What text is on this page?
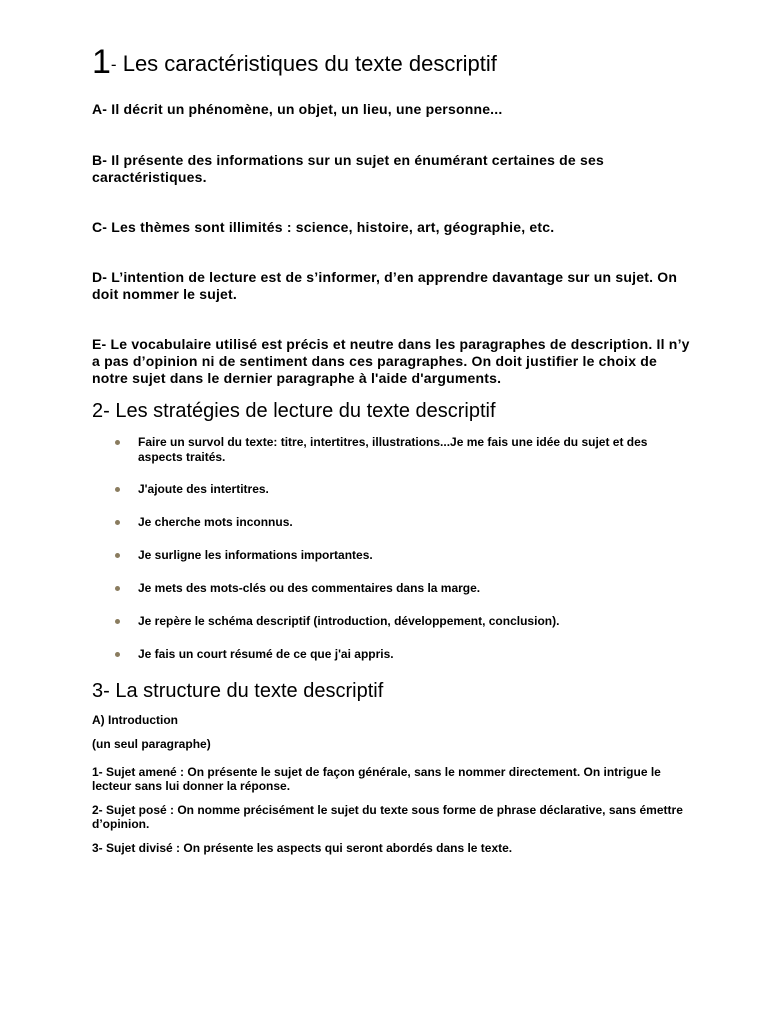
1- Les caractéristiques du texte descriptif

A- Il décrit un phénomène, un objet, un lieu, une personne...

B- Il présente des informations sur un sujet en énumérant certaines de ses caractéristiques.

C- Les thèmes sont illimités : science, histoire, art, géographie, etc.

D- L’intention de lecture est de s’informer, d’en apprendre davantage sur un sujet. On doit nommer le sujet.

E- Le vocabulaire utilisé est précis et neutre dans les paragraphes de description. Il n’y a pas d’opinion ni de sentiment dans ces paragraphes. On doit justifier le choix de notre sujet dans le dernier paragraphe à l'aide d'arguments.

2- Les stratégies de lecture du texte descriptif
Faire un survol du texte: titre, intertitres, illustrations...Je me fais une idée du sujet et des aspects traités.
J'ajoute des intertitres.
Je cherche mots inconnus.
Je surligne les informations importantes.
Je mets des mots-clés ou des commentaires dans la marge.
Je repère le schéma descriptif (introduction, développement, conclusion).
Je fais un court résumé de ce que j'ai appris.
3- La structure du texte descriptif

A) Introduction

(un seul paragraphe)

1- Sujet amené : On présente le sujet de façon générale, sans le nommer directement. On intrigue le lecteur sans lui donner la réponse.

2- Sujet posé : On nomme précisément le sujet du texte sous forme de phrase déclarative, sans émettre d’opinion.

3- Sujet divisé : On présente les aspects qui seront abordés dans le texte.
